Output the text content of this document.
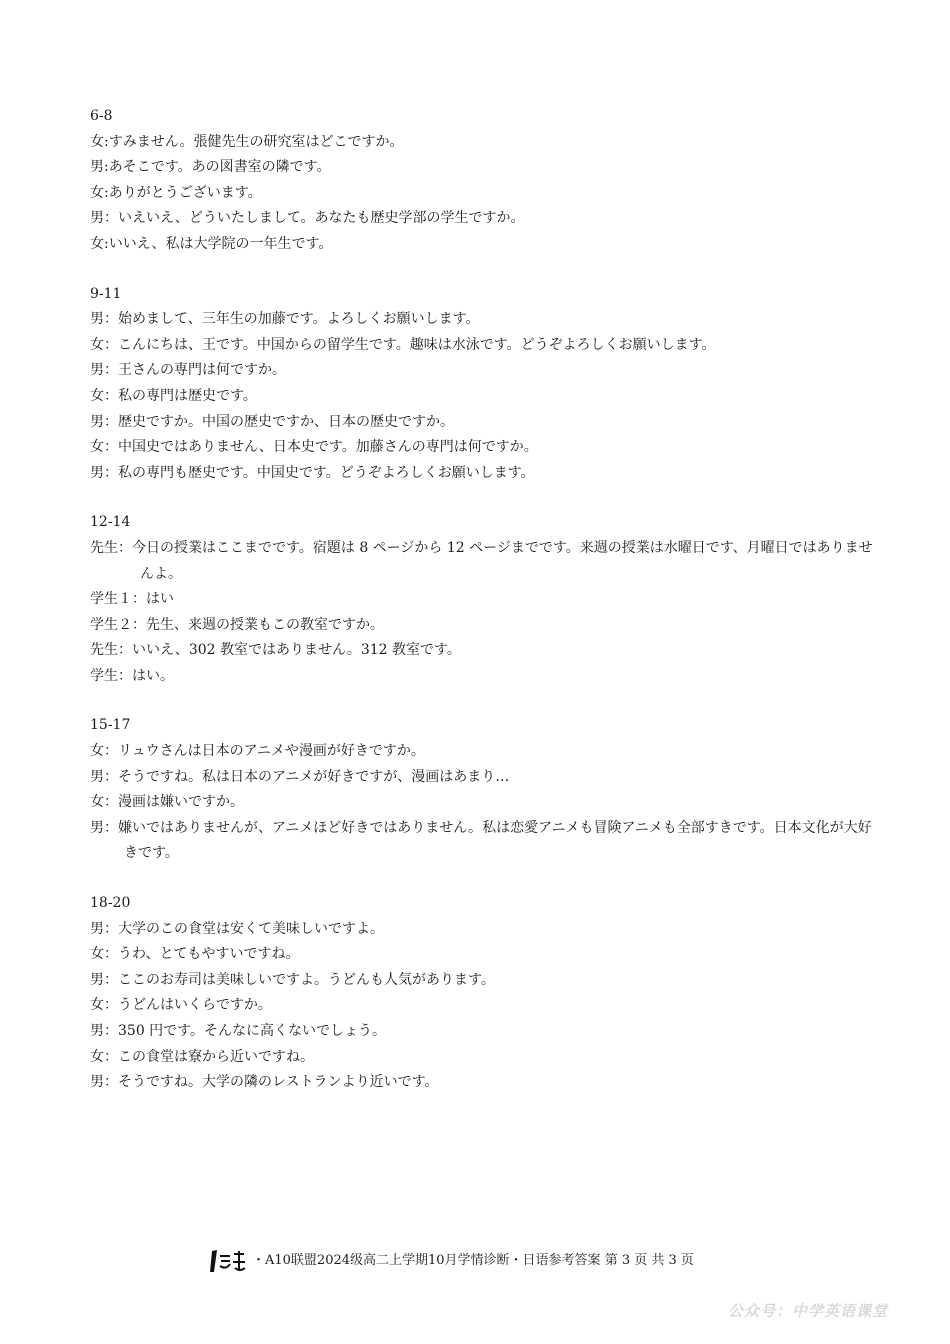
6-8
女:すみません。張健先生の研究室はどこですか。
男:あそこです。あの図書室の隣です。
女:ありがとうございます。
男：いえいえ、どういたしまして。あなたも歴史学部の学生ですか。
女:いいえ、私は大学院の一年生です。
9-11
男：始めまして、三年生の加藤です。よろしくお願いします。
女：こんにちは、王です。中国からの留学生です。趣味は水泳です。どうぞよろしくお願いします。
男：王さんの専門は何ですか。
女：私の専門は歴史です。
男：歴史ですか。中国の歴史ですか、日本の歴史ですか。
女：中国史ではありません、日本史です。加藤さんの専門は何ですか。
男：私の専門も歴史です。中国史です。どうぞよろしくお願いします。
12-14
先生：今日の授業はここまでです。宿題は 8 ページから 12 ページまでです。来週の授業は水曜日です、月曜日ではありませんよ。
学生１：はい
学生２：先生、来週の授業もこの教室ですか。
先生：いいえ、302 教室ではありません。312 教室です。
学生：はい。
15-17
女：リュウさんは日本のアニメや漫画が好きですか。
男：そうですね。私は日本のアニメが好きですが、漫画はあまり…
女：漫画は嫌いですか。
男：嫌いではありませんが、アニメほど好きではありません。私は恋愛アニメも冒険アニメも全部すきです。日本文化が大好きです。
18-20
男：大学のこの食堂は安くて美味しいですよ。
女：うわ、とてもやすいですね。
男：ここのお寿司は美味しいですよ。うどんも人気があります。
女：うどんはいくらですか。
男：350 円です。そんなに高くないでしょう。
女：この食堂は寮から近いですね。
男：そうですね。大学の隣のレストランより近いです。
・A10联盟2024级高二上学期10月学情诊断・日语参考答案 第 3 页 共 3 页
公众号：中学英语课堂
